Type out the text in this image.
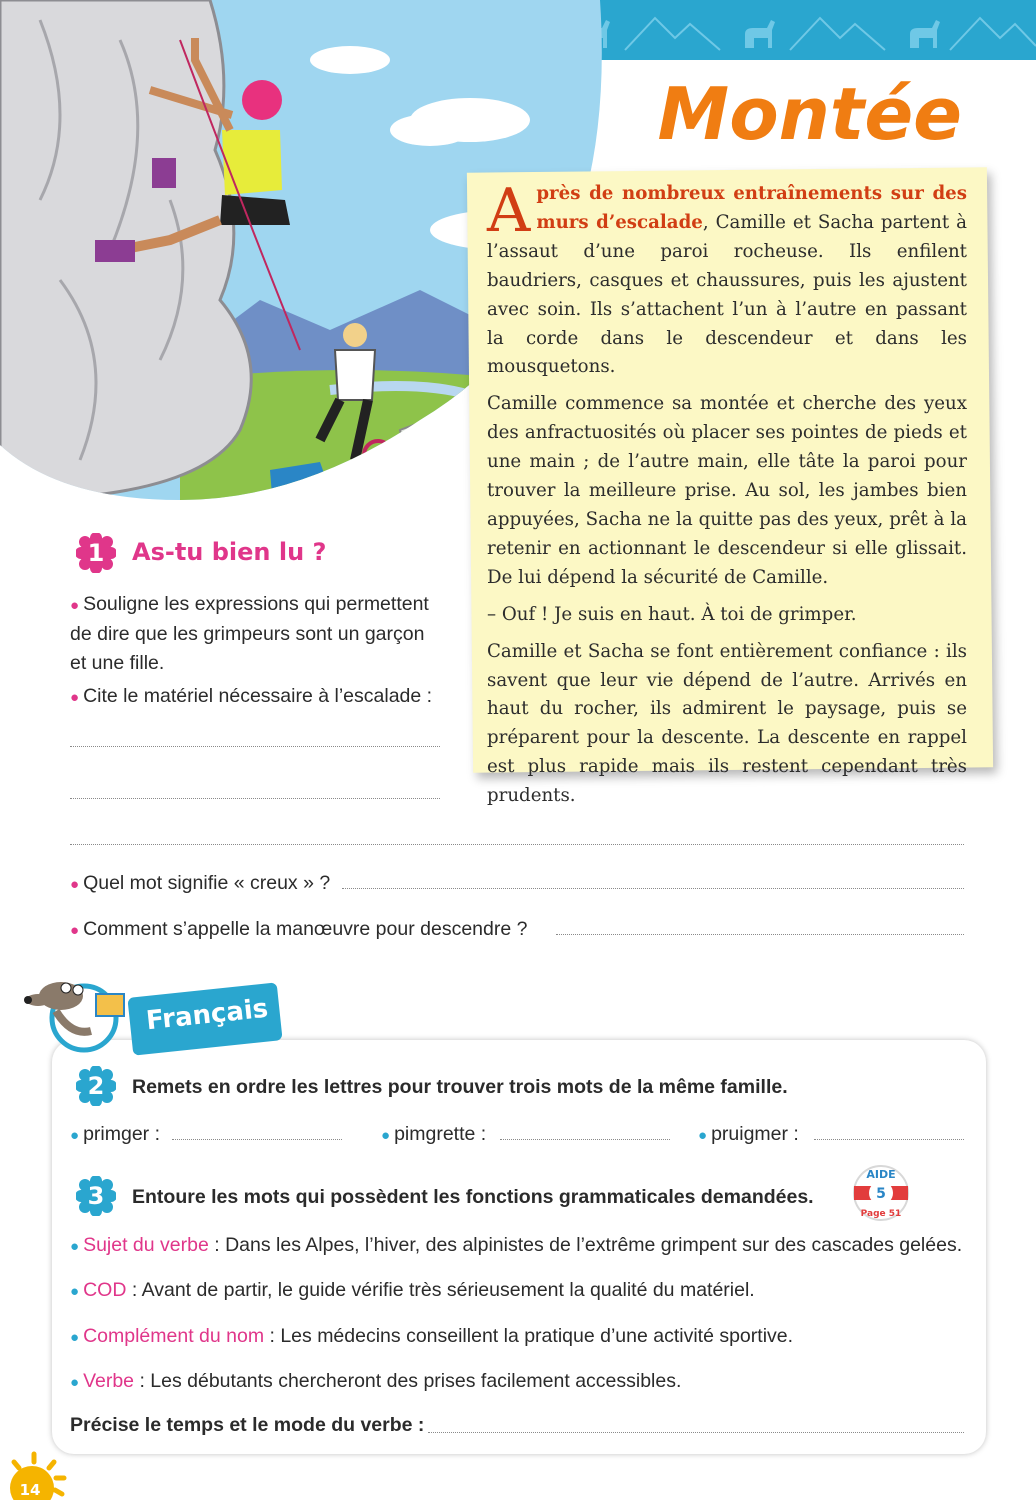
Montée

Après de nombreux entraînements sur des murs d’escalade, Camille et Sacha partent à l’assaut d’une paroi rocheuse. Ils enfilent baudriers, casques et chaussures, puis les ajustent avec soin. Ils s’attachent l’un à l’autre en passant la corde dans le descendeur et dans les mousquetons.

Camille commence sa montée et cherche des yeux des anfractuosités où placer ses pointes de pieds et une main ; de l’autre main, elle tâte la paroi pour trouver la meilleure prise. Au sol, les jambes bien appuyées, Sacha ne la quitte pas des yeux, prêt à la retenir en actionnant le descendeur si elle glissait. De lui dépend la sécurité de Camille.

– Ouf ! Je suis en haut. À toi de grimper.

Camille et Sacha se font entièrement confiance : ils savent que leur vie dépend de l’autre. Arrivés en haut du rocher, ils admirent le paysage, puis se préparent pour la descente. La descente en rappel est plus rapide mais ils restent cependant très prudents.

1	As-tu bien lu ?
● Souligne les expressions qui permettent de dire que les grimpeurs sont un garçon et une fille.
● Cite le matériel nécessaire à l’escalade :
● Quel mot signifie « creux » ?
● Comment s’appelle la manœuvre pour descendre ?
Français
2	Remets en ordre les lettres pour trouver trois mots de la même famille.
● primger :	● pimgrette :	● pruigmer :
3	Entoure les mots qui possèdent les fonctions grammaticales demandées.
AIDE
5
Page 51
● Sujet du verbe : Dans les Alpes, l’hiver, des alpinistes de l’extrême grimpent sur des cascades gelées.
● COD : Avant de partir, le guide vérifie très sérieusement la qualité du matériel.
● Complément du nom : Les médecins conseillent la pratique d’une activité sportive.
● Verbe : Les débutants chercheront des prises facilement accessibles.
Précise le temps et le mode du verbe :
14
